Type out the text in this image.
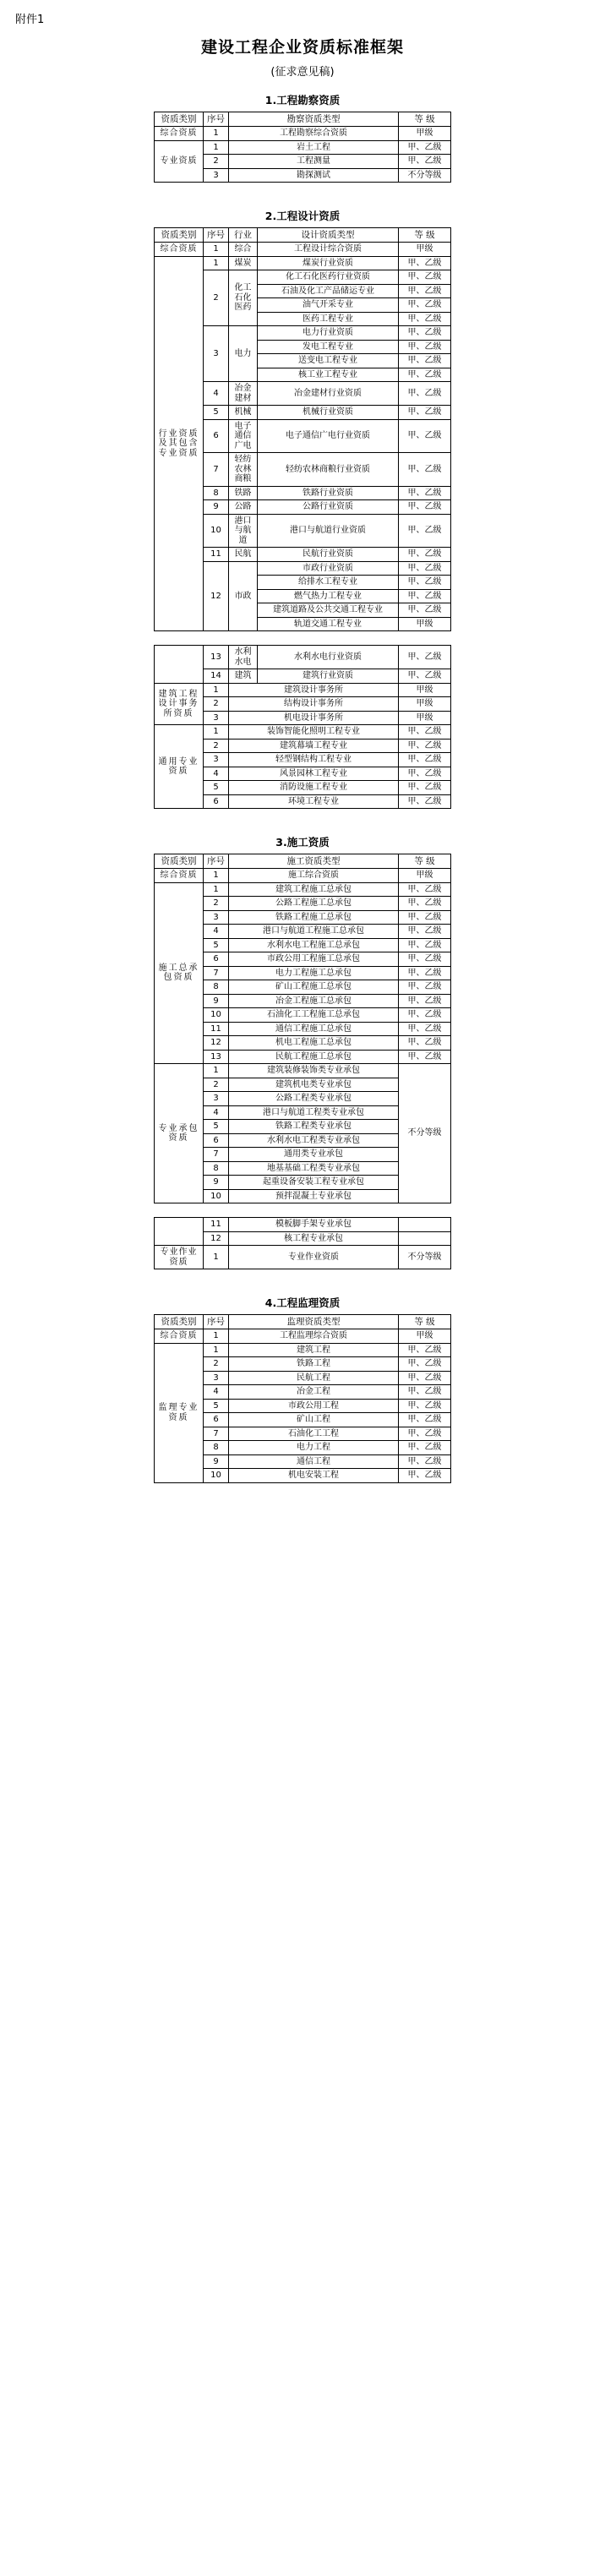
附件1
建设工程企业资质标准框架
(征求意见稿)
1.工程勘察资质
资质类别	序号	勘察资质类型	等 级
综合资质	1	工程勘察综合资质	甲级
专业资质	1	岩土工程	甲、乙级
	2	工程测量	甲、乙级
	3	勘探测试	不分等级
2.工程设计资质
资质类别	序号	行业	设计资质类型	等 级
综合资质	1	综合	工程设计综合资质	甲级
行业资质及其包含专业资质	1	煤炭	煤炭行业资质	甲、乙级
	2	化工石化医药	化工石化医药行业资质	甲、乙级
			石油及化工产品储运专业	甲、乙级
			油气开采专业	甲、乙级
			医药工程专业	甲、乙级
	3	电力	电力行业资质	甲、乙级
			发电工程专业	甲、乙级
			送变电工程专业	甲、乙级
			核工业工程专业	甲、乙级
	4	冶金建材	冶金建材行业资质	甲、乙级
	5	机械	机械行业资质	甲、乙级
	6	电子通信广电	电子通信广电行业资质	甲、乙级
	7	轻纺农林商粮	轻纺农林商粮行业资质	甲、乙级
	8	铁路	铁路行业资质	甲、乙级
	9	公路	公路行业资质	甲、乙级
	10	港口与航道	港口与航道行业资质	甲、乙级
	11	民航	民航行业资质	甲、乙级
	12	市政	市政行业资质	甲、乙级
			给排水工程专业	甲、乙级
			燃气热力工程专业	甲、乙级
			建筑道路及公共交通工程专业	甲、乙级
			轨道交通工程专业	甲级
	13	水利水电	水利水电行业资质	甲、乙级
	14	建筑	建筑行业资质	甲、乙级
建筑工程设计事务所资质	1	建筑设计事务所		甲级
	2	结构设计事务所		甲级
	3	机电设计事务所		甲级
通用专业资质	1	装饰智能化照明工程专业		甲、乙级
	2	建筑幕墙工程专业		甲、乙级
	3	轻型钢结构工程专业		甲、乙级
	4	风景园林工程专业		甲、乙级
	5	消防设施工程专业		甲、乙级
	6	环境工程专业		甲、乙级
3.施工资质
资质类别	序号	施工资质类型	等 级
综合资质	1	施工综合资质	甲级
施工总承包资质	1	建筑工程施工总承包	甲、乙级
	2	公路工程施工总承包	甲、乙级
	3	铁路工程施工总承包	甲、乙级
	4	港口与航道工程施工总承包	甲、乙级
	5	水利水电工程施工总承包	甲、乙级
	6	市政公用工程施工总承包	甲、乙级
	7	电力工程施工总承包	甲、乙级
	8	矿山工程施工总承包	甲、乙级
	9	冶金工程施工总承包	甲、乙级
	10	石油化工工程施工总承包	甲、乙级
	11	通信工程施工总承包	甲、乙级
	12	机电工程施工总承包	甲、乙级
	13	民航工程施工总承包	甲、乙级
专业承包资质	1	建筑装修装饰类专业承包	不分等级
	2	建筑机电类专业承包	
	3	公路工程类专业承包	
	4	港口与航道工程类专业承包	
	5	铁路工程类专业承包	
	6	水利水电工程类专业承包	
	7	通用类专业承包	
	8	地基基础工程类专业承包	
	9	起重设备安装工程专业承包	
	10	预拌混凝土专业承包	
	11	模板脚手架专业承包	
	12	核工程专业承包	
专业作业资质	1	专业作业资质	不分等级
4.工程监理资质
资质类别	序号	监理资质类型	等 级
综合资质	1	工程监理综合资质	甲级
监理专业资质	1	建筑工程	甲、乙级
	2	铁路工程	甲、乙级
	3	民航工程	甲、乙级
	4	冶金工程	甲、乙级
	5	市政公用工程	甲、乙级
	6	矿山工程	甲、乙级
	7	石油化工工程	甲、乙级
	8	电力工程	甲、乙级
	9	通信工程	甲、乙级
	10	机电安装工程	甲、乙级
